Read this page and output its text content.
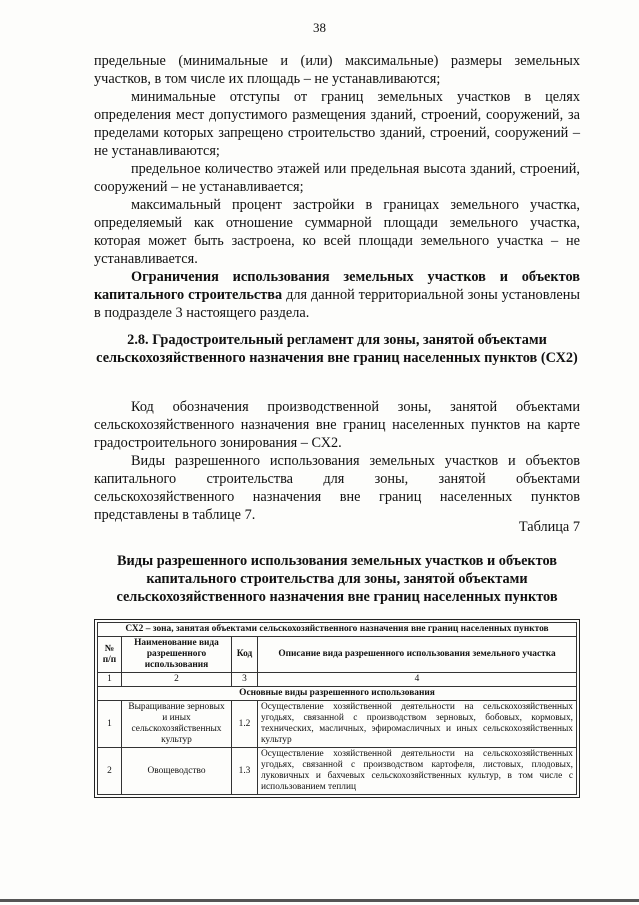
38

предельные (минимальные и (или) максимальные) размеры земельных участков, в том числе их площадь – не устанавливаются;

минимальные отступы от границ земельных участков в целях определения мест допустимого размещения зданий, строений, сооружений, за пределами которых запрещено строительство зданий, строений, сооружений – не устанавливаются;

предельное количество этажей или предельная высота зданий, строений, сооружений – не устанавливается;

максимальный процент застройки в границах земельного участка, определяемый как отношение суммарной площади земельного участка, которая может быть застроена, ко всей площади земельного участка – не устанавливается.

Ограничения использования земельных участков и объектов капитального строительства для данной территориальной зоны установлены в подразделе 3 настоящего раздела.

2.8. Градостроительный регламент для зоны, занятой объектами сельскохозяйственного назначения вне границ населенных пунктов (СХ2)

Код обозначения производственной зоны, занятой объектами сельскохозяйственного назначения вне границ населенных пунктов на карте градостроительного зонирования – СХ2.

Виды разрешенного использования земельных участков и объектов капитального строительства для зоны, занятой объектами сельскохозяйственного назначения вне границ населенных пунктов представлены в таблице 7.

Таблица 7
Виды разрешенного использования земельных участков и объектов капитального строительства для зоны, занятой объектами сельскохозяйственного назначения вне границ населенных пунктов
СХ2 – зона, занятая объектами сельскохозяйственного назначения вне границ населенных пунктов			
№ п/п	Наименование вида разрешенного использования	Код	Описание вида разрешенного использования земельного участка
1	2	3	4
Основные виды разрешенного использования			
1	Выращивание зерновых и иных сельскохозяйственных культур	1.2	Осуществление хозяйственной деятельности на сельскохозяйственных угодьях, связанной с производством зерновых, бобовых, кормовых, технических, масличных, эфиромасличных и иных сельскохозяйственных культур
2	Овощеводство	1.3	Осуществление хозяйственной деятельности на сельскохозяйственных угодьях, связанной с производством картофеля, листовых, плодовых, луковичных и бахчевых сельскохозяйственных культур, в том числе с использованием теплиц
